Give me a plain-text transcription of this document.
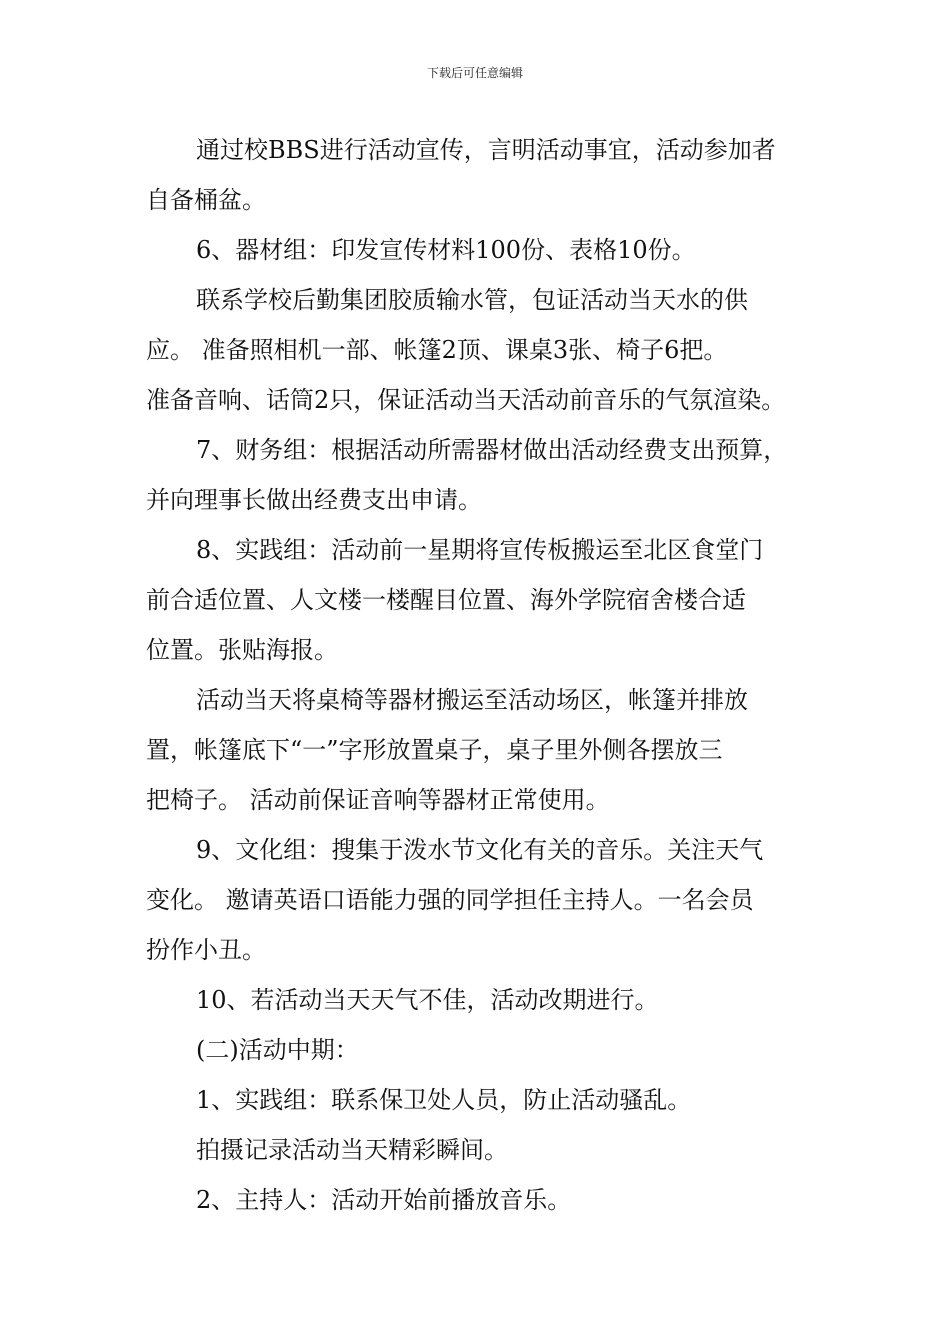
下载后可任意编辑
通过校BBS进行活动宣传，言明活动事宜，活动参加者
自备桶盆。
6、器材组：印发宣传材料100份、表格10份。
联系学校后勤集团胶质输水管，包证活动当天水的供
应。 准备照相机一部、帐篷2顶、课桌3张、椅子6把。
准备音响、话筒2只，保证活动当天活动前音乐的气氛渲染。
7、财务组：根据活动所需器材做出活动经费支出预算，
并向理事长做出经费支出申请。
8、实践组：活动前一星期将宣传板搬运至北区食堂门
前合适位置、人文楼一楼醒目位置、海外学院宿舍楼合适
位置。张贴海报。
活动当天将桌椅等器材搬运至活动场区，帐篷并排放
置，帐篷底下“一”字形放置桌子，桌子里外侧各摆放三
把椅子。 活动前保证音响等器材正常使用。
9、文化组：搜集于泼水节文化有关的音乐。关注天气
变化。 邀请英语口语能力强的同学担任主持人。一名会员
扮作小丑。
10、若活动当天天气不佳，活动改期进行。
(二)活动中期：
1、实践组：联系保卫处人员，防止活动骚乱。
拍摄记录活动当天精彩瞬间。
2、主持人：活动开始前播放音乐。
